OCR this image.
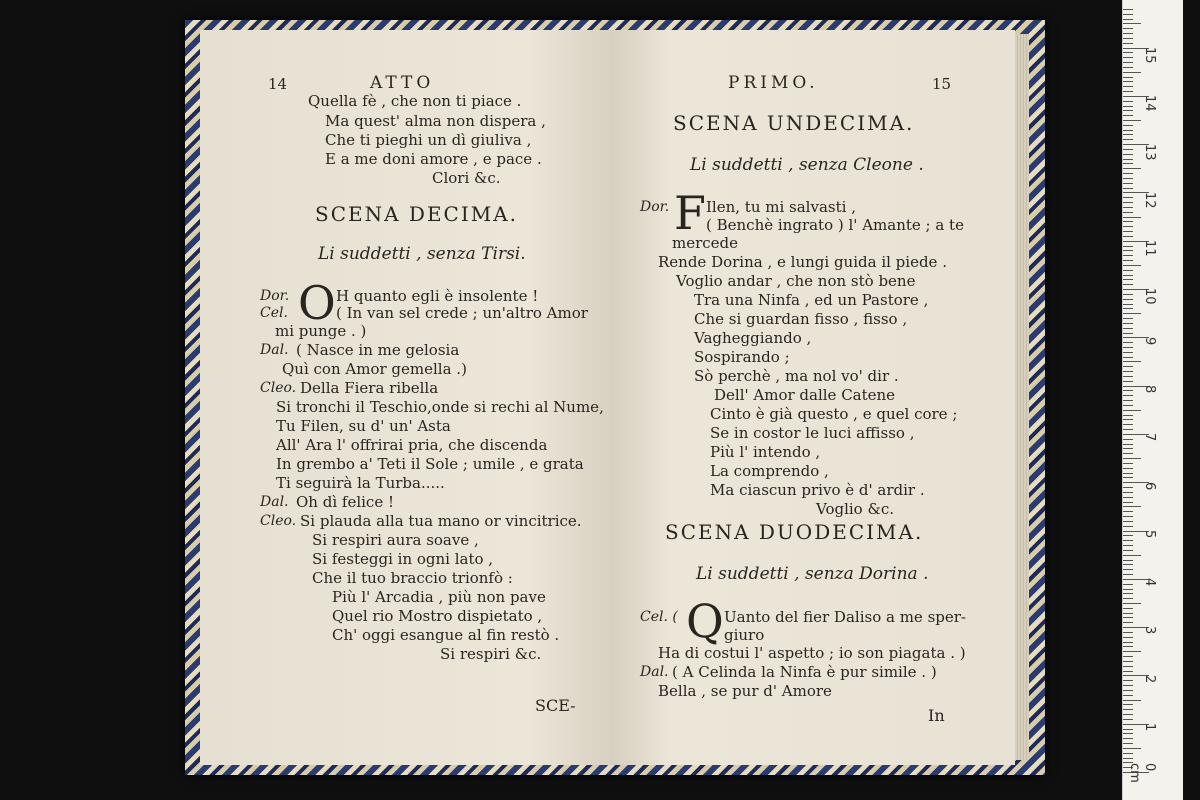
14	ATTO
Quella fè , che non ti piace .
Ma quest' alma non dispera ,
Che ti pieghi un dì giuliva ,
E a me doni amore , e pace .
Clori &c.
SCENA DECIMA.
Li suddetti , senza Tirsi.
Dor.
Cel. O H quanto egli è insolente !
( In van sel crede ; un'altro Amor
mi punge . )
Dal. ( Nasce in me gelosia
Quì con Amor gemella .)
Cleo. Della Fiera ribella
Si tronchi il Teschio,onde si rechi al Nume,
Tu Filen, su d' un' Asta
All' Ara l' offrirai pria, che discenda
In grembo a' Teti il Sole ; umile , e grata
Ti seguirà la Turba.....
Dal. Oh dì felice !
Cleo. Si plauda alla tua mano or vincitrice.
Si respiri aura soave ,
Si festeggi in ogni lato ,
Che il tuo braccio trionfò :
Più l' Arcadia , più non pave
Quel rio Mostro dispietato ,
Ch' oggi esangue al fin restò .
Si respiri &c.
SCE-
PRIMO.	15
SCENA UNDECIMA.
Li suddetti , senza Cleone .
Dor. F Ilen, tu mi salvasti ,
( Benchè ingrato ) l' Amante ; a te
mercede
Rende Dorina , e lungi guida il piede .
Voglio andar , che non stò bene
Tra una Ninfa , ed un Pastore ,
Che si guardan fisso , fisso ,
Vagheggiando ,
Sospirando ;
Sò perchè , ma nol vo' dir .
Dell' Amor dalle Catene
Cinto è già questo , e quel core ;
Se in costor le luci affisso ,
Più l' intendo ,
La comprendo ,
Ma ciascun privo è d' ardir .
Voglio &c.
SCENA DUODECIMA.
Li suddetti , senza Dorina .
Cel. ( Q Uanto del fier Daliso a me sper-
giuro
Ha di costui l' aspetto ; io son piagata . )
Dal. ( A Celinda la Ninfa è pur simile . )
Bella , se pur d' Amore
In
0 cm
1
2
3
4
5
6
7
8
9
10
11
12
13
14
15
